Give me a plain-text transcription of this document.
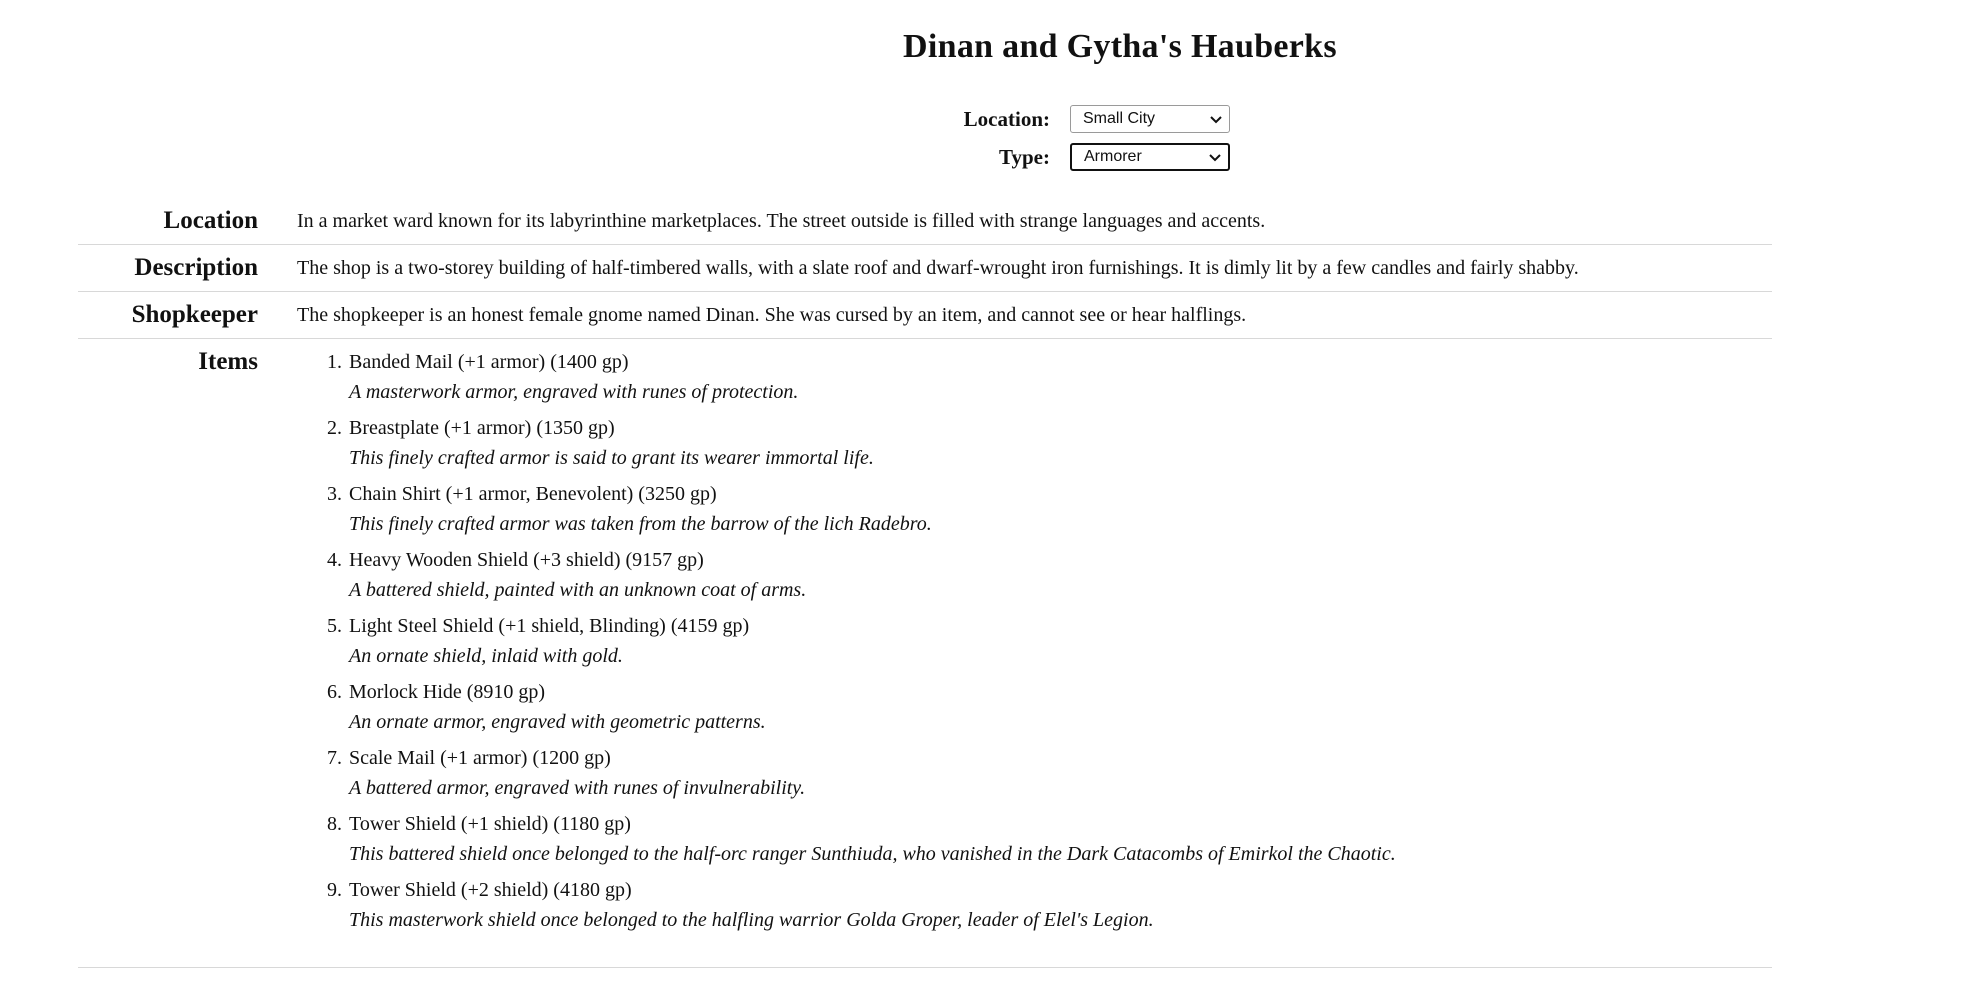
Dinan and Gytha's Hauberks
Location:	Small City
Type:	Armorer
Location	In a market ward known for its labyrinthine marketplaces. The street outside is filled with strange languages and accents.
Description	The shop is a two-storey building of half-timbered walls, with a slate roof and dwarf-wrought iron furnishings. It is dimly lit by a few candles and fairly shabby.
Shopkeeper	The shopkeeper is an honest female gnome named Dinan. She was cursed by an item, and cannot see or hear halflings.
Items
1.	Banded Mail (+1 armor) (1400 gp)
A masterwork armor, engraved with runes of protection.
2. Breastplate (+1 armor) (1350 gp)
This finely crafted armor is said to grant its wearer immortal life.
3. Chain Shirt (+1 armor, Benevolent) (3250 gp)
This finely crafted armor was taken from the barrow of the lich Radebro.
4. Heavy Wooden Shield (+3 shield) (9157 gp)
A battered shield, painted with an unknown coat of arms.
5. Light Steel Shield (+1 shield, Blinding) (4159 gp)
An ornate shield, inlaid with gold.
6. Morlock Hide (8910 gp)
An ornate armor, engraved with geometric patterns.
7. Scale Mail (+1 armor) (1200 gp)
A battered armor, engraved with runes of invulnerability.
8. Tower Shield (+1 shield) (1180 gp)
This battered shield once belonged to the half-orc ranger Sunthiuda, who vanished in the Dark Catacombs of Emirkol the Chaotic.
9. Tower Shield (+2 shield) (4180 gp)
This masterwork shield once belonged to the halfling warrior Golda Groper, leader of Elel's Legion.
